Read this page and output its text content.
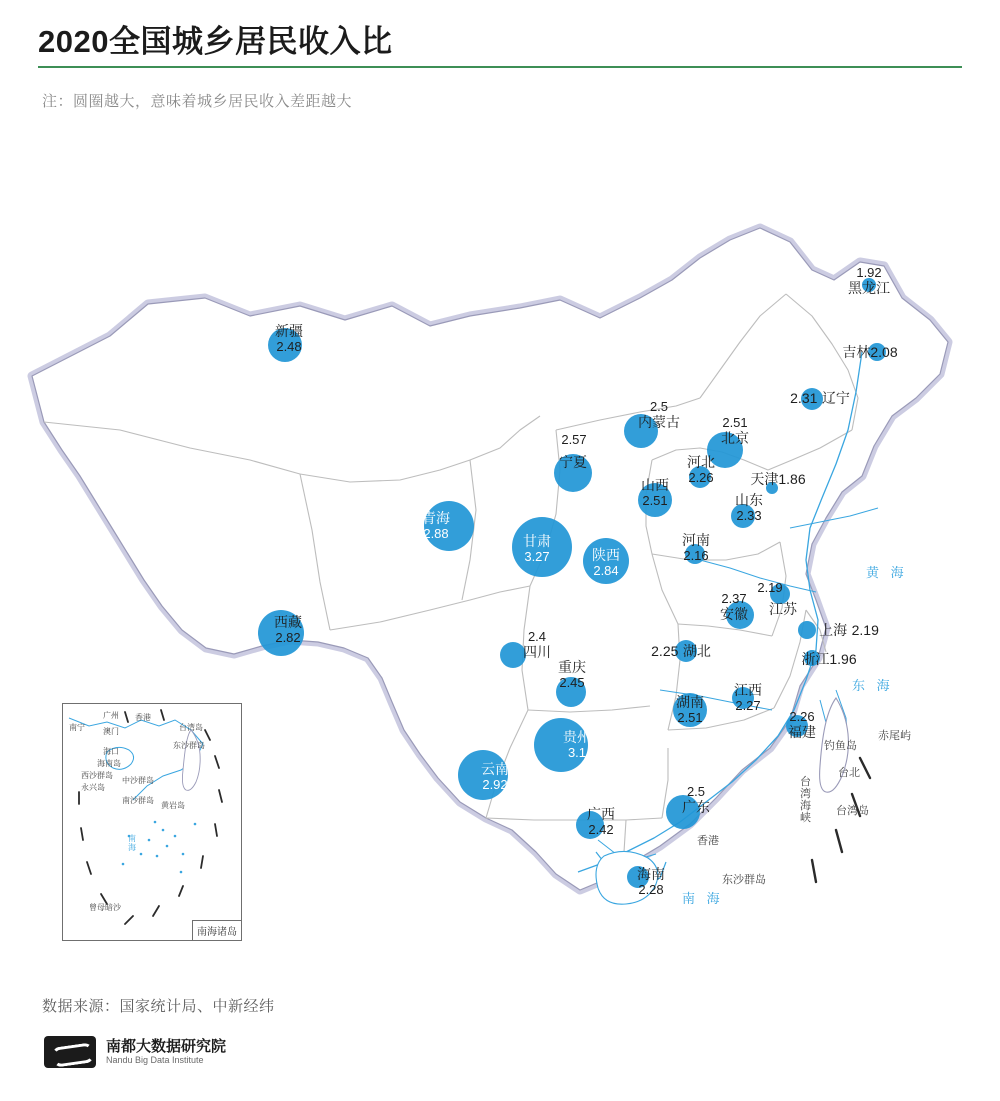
2020全国城乡居民收入比
注：圆圈越大，意味着城乡居民收入差距越大
新疆
2.48
1.92
黑龙江
吉林2.08
2.31 辽宁
2.5
内蒙古	2.51
北京
天津1.86
河北
2.26
山西
2.51	山东
2.33
宁夏
2.57
青海
2.88	甘肃
3.27	陕西
2.84
河南
2.16
2.37
安徽 江苏
2.19
上海 2.19
浙江1.96
西藏
2.82	2.4
四川
重庆
2.45
2.25 湖北
湖南
2.51
江西
2.27
2.26
福建
贵州
3.1
云南
2.92
广西
2.42
2.5
广东
海南
2.28
黄 海
东 海
南 海
钓鱼岛
赤尾屿
台北
台湾岛
香港
东沙群岛
台湾海峡
广州
澳门
香港
南宁	台湾岛
东沙群岛
海口
海南岛
西沙群岛
永兴岛
黄岩岛
中沙群岛
南沙群岛
曾母暗沙
南 海
南海诸岛
数据来源：国家统计局、中新经纬
南都大数据研究院
Nandu Big Data Institute
